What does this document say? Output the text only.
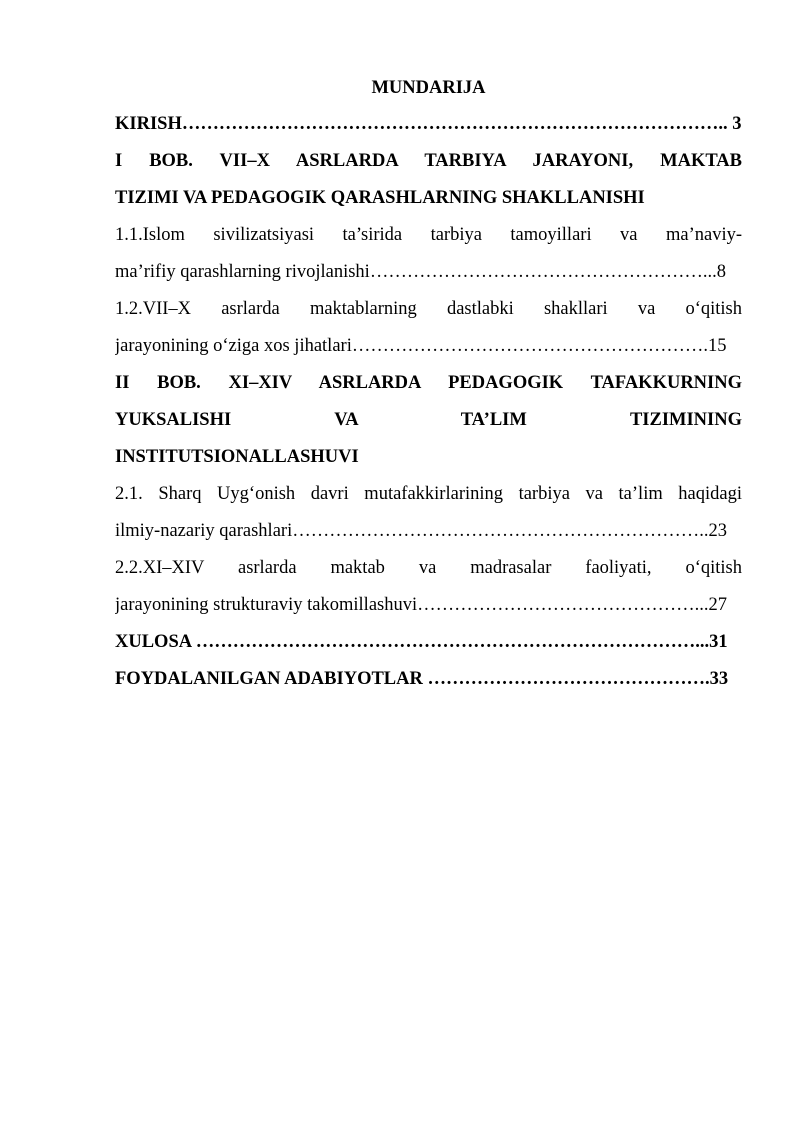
MUNDARIJA
KIRISH…………………………………………………………………………….. 3
I BOB. VII–X ASRLARDA TARBIYA JARAYONI, MAKTAB
TIZIMI VA PEDAGOGIK QARASHLARNING SHAKLLANISHI
1.1.Islom sivilizatsiyasi ta’sirida tarbiya tamoyillari va ma’naviy-
ma’rifiy qarashlarning rivojlanishi………………………………………………...8
1.2.VII–X asrlarda maktablarning dastlabki shakllari va o‘qitish
jarayonining o‘ziga xos jihatlari………………………………………………….15
II BOB. XI–XIV ASRLARDA PEDAGOGIK TAFAKKURNING
YUKSALISHI VA TA’LIM TIZIMINING
INSTITUTSIONALLASHUVI
2.1. Sharq Uyg‘onish davri mutafakkirlarining tarbiya va ta’lim haqidagi
ilmiy-nazariy qarashlari…………………………………………………………..23
2.2.XI–XIV asrlarda maktab va madrasalar faoliyati, o‘qitish
jarayonining strukturaviy takomillashuvi………………………………………...27
XULOSA ………………………………………………………………………...31
FOYDALANILGAN ADABIYOTLAR ……………………………………….33
